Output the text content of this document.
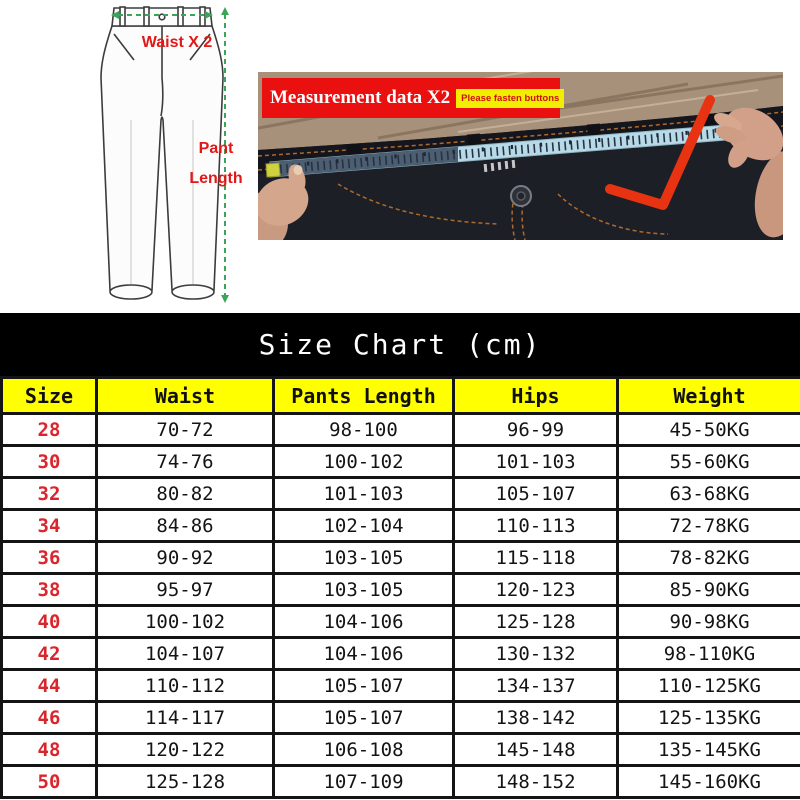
Waist X 2
Pant
Length
Measurement data X2	Please fasten buttons
Size Chart (cm)
Size	Waist	Pants Length	Hips	Weight
28	70-72	98-100	96-99	45-50KG
30	74-76	100-102	101-103	55-60KG
32	80-82	101-103	105-107	63-68KG
34	84-86	102-104	110-113	72-78KG
36	90-92	103-105	115-118	78-82KG
38	95-97	103-105	120-123	85-90KG
40	100-102	104-106	125-128	90-98KG
42	104-107	104-106	130-132	98-110KG
44	110-112	105-107	134-137	110-125KG
46	114-117	105-107	138-142	125-135KG
48	120-122	106-108	145-148	135-145KG
50	125-128	107-109	148-152	145-160KG
